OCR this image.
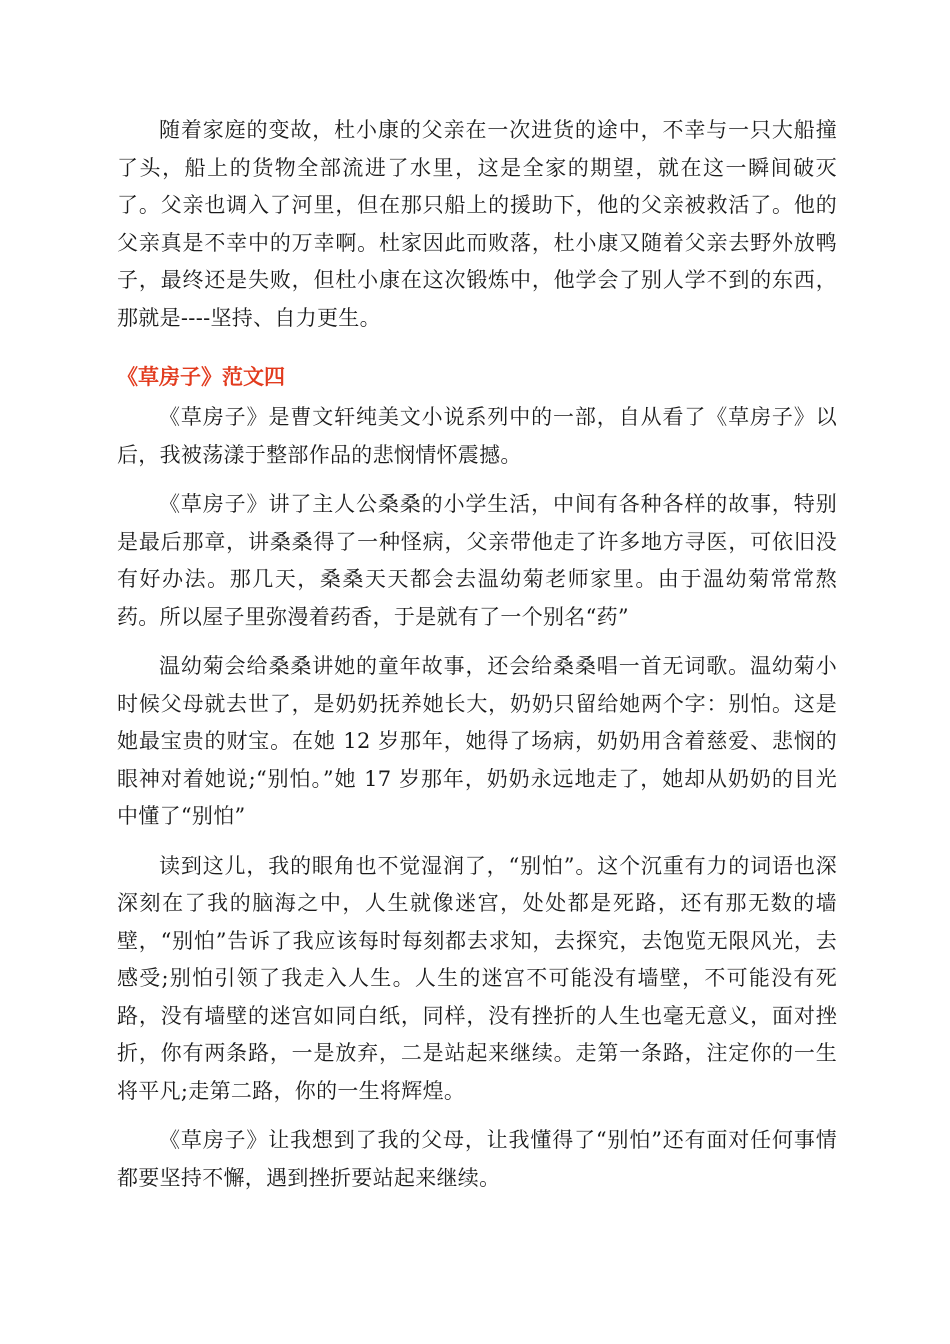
随着家庭的变故，杜小康的父亲在一次进货的途中，不幸与一只大船撞了头，船上的货物全部流进了水里，这是全家的期望，就在这一瞬间破灭了。父亲也调入了河里，但在那只船上的援助下，他的父亲被救活了。他的父亲真是不幸中的万幸啊。杜家因此而败落，杜小康又随着父亲去野外放鸭子，最终还是失败，但杜小康在这次锻炼中，他学会了别人学不到的东西，那就是----坚持、自力更生。

《草房子》范文四

《草房子》是曹文轩纯美文小说系列中的一部，自从看了《草房子》以后，我被荡漾于整部作品的悲悯情怀震撼。

《草房子》讲了主人公桑桑的小学生活，中间有各种各样的故事，特别是最后那章，讲桑桑得了一种怪病，父亲带他走了许多地方寻医，可依旧没有好办法。那几天，桑桑天天都会去温幼菊老师家里。由于温幼菊常常熬药。所以屋子里弥漫着药香，于是就有了一个别名“药”

温幼菊会给桑桑讲她的童年故事，还会给桑桑唱一首无词歌。温幼菊小时候父母就去世了，是奶奶抚养她长大，奶奶只留给她两个字：别怕。这是她最宝贵的财宝。在她 12 岁那年，她得了场病，奶奶用含着慈爱、悲悯的眼神对着她说;“别怕。”她 17 岁那年，奶奶永远地走了，她却从奶奶的目光中懂了“别怕”

读到这儿，我的眼角也不觉湿润了，“别怕”。这个沉重有力的词语也深深刻在了我的脑海之中，人生就像迷宫，处处都是死路，还有那无数的墙壁，“别怕”告诉了我应该每时每刻都去求知，去探究，去饱览无限风光，去感受;别怕引领了我走入人生。人生的迷宫不可能没有墙壁，不可能没有死路，没有墙壁的迷宫如同白纸，同样，没有挫折的人生也毫无意义，面对挫折，你有两条路，一是放弃，二是站起来继续。走第一条路，注定你的一生将平凡;走第二路，你的一生将辉煌。

《草房子》让我想到了我的父母，让我懂得了“别怕”还有面对任何事情都要坚持不懈，遇到挫折要站起来继续。
